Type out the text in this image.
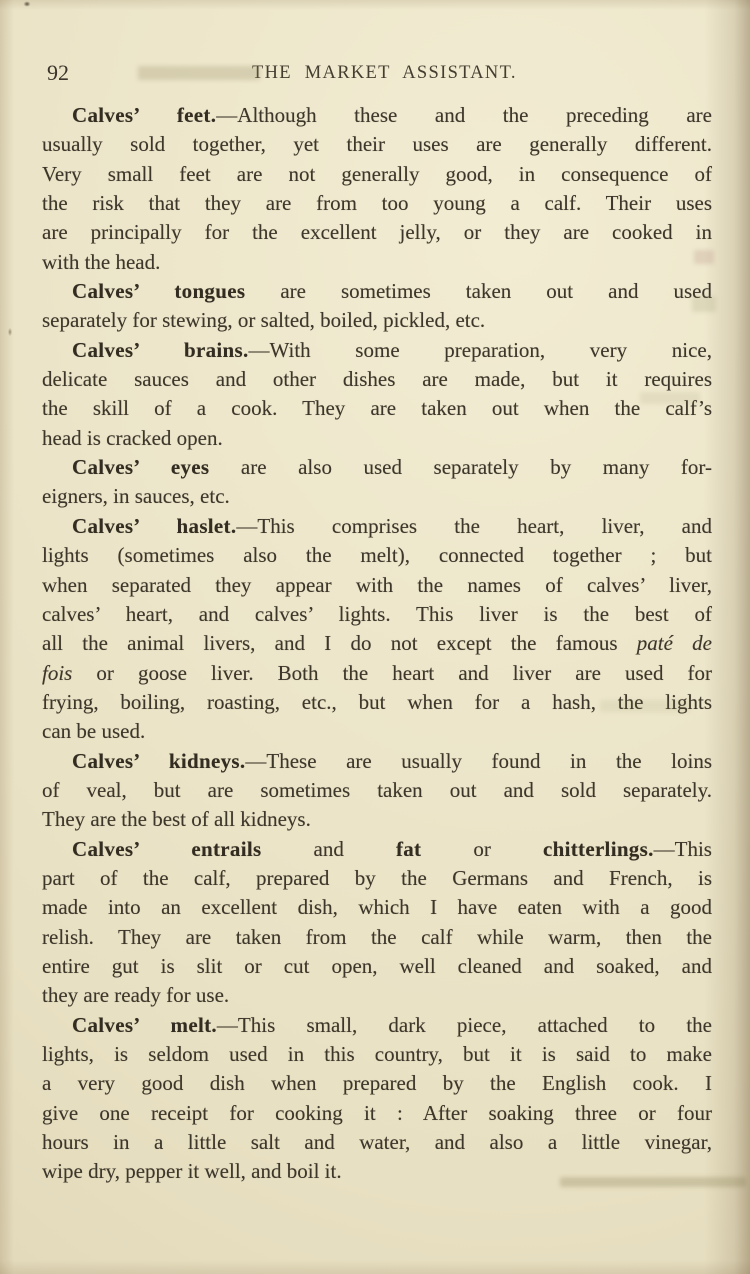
92	THE MARKET ASSISTANT.
Calves’ feet.—Although these and the preceding are
usually sold together, yet their uses are generally different.
Very small feet are not generally good, in consequence of
the risk that they are from too young a calf. Their uses
are principally for the excellent jelly, or they are cooked in
with the head.
Calves’ tongues are sometimes taken out and used
separately for stewing, or salted, boiled, pickled, etc.
Calves’ brains.—With some preparation, very nice,
delicate sauces and other dishes are made, but it requires
the skill of a cook. They are taken out when the calf’s
head is cracked open.
Calves’ eyes are also used separately by many for-
eigners, in sauces, etc.
Calves’ haslet.—This comprises the heart, liver, and
lights (sometimes also the melt), connected together ; but
when separated they appear with the names of calves’ liver,
calves’ heart, and calves’ lights. This liver is the best of
all the animal livers, and I do not except the famous paté de
fois or goose liver. Both the heart and liver are used for
frying, boiling, roasting, etc., but when for a hash, the lights
can be used.
Calves’ kidneys.—These are usually found in the loins
of veal, but are sometimes taken out and sold separately.
They are the best of all kidneys.
Calves’ entrails and fat or chitterlings.—This
part of the calf, prepared by the Germans and French, is
made into an excellent dish, which I have eaten with a good
relish. They are taken from the calf while warm, then the
entire gut is slit or cut open, well cleaned and soaked, and
they are ready for use.
Calves’ melt.—This small, dark piece, attached to the
lights, is seldom used in this country, but it is said to make
a very good dish when prepared by the English cook. I
give one receipt for cooking it : After soaking three or four
hours in a little salt and water, and also a little vinegar,
wipe dry, pepper it well, and boil it.
